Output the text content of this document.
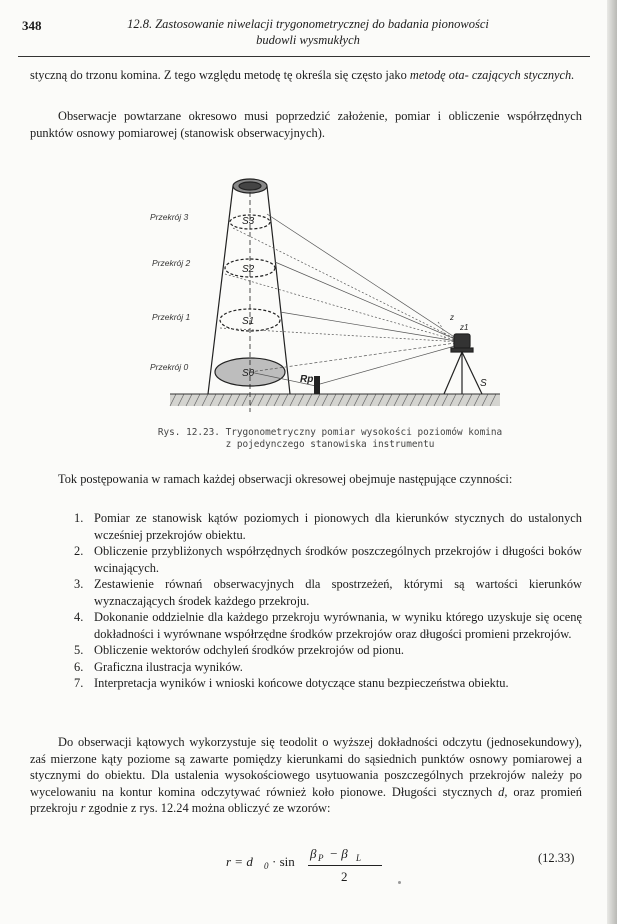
348	12.8. Zastosowanie niwelacji trygonometrycznej do badania pionowości
budowli wysmukłych

styczną do trzonu komina. Z tego względu metodę tę określa się często jako metodę ota- czających stycznych.

Obserwacje powtarzane okresowo musi poprzedzić założenie, pomiar i obliczenie współrzędnych punktów osnowy pomiarowej (stanowisk obserwacyjnych).

Przekrój 3
Przekrój 2
Przekrój 1
Przekrój 0
S3
S2
S1
S0
Rp	S
z
z1
Rys. 12.23. Trygonometryczny pomiar wysokości poziomów komina
z pojedynczego stanowiska instrumentu

Tok postępowania w ramach każdej obserwacji okresowej obejmuje następujące czynności:

1. Pomiar ze stanowisk kątów poziomych i pionowych dla kierunków stycznych do ustalonych wcześniej przekrojów obiektu.
2. Obliczenie przybliżonych współrzędnych środków poszczególnych przekrojów i długości boków wcinających.
3. Zestawienie równań obserwacyjnych dla spostrzeżeń, którymi są wartości kierunków wyznaczających środek każdego przekroju.
4. Dokonanie oddzielnie dla każdego przekroju wyrównania, w wyniku którego uzyskuje się ocenę dokładności i wyrównane współrzędne środków przekrojów oraz długości promieni przekrojów.
5. Obliczenie wektorów odchyleń środków przekrojów od pionu.
6. Graficzna ilustracja wyników.
7. Interpretacja wyników i wnioski końcowe dotyczące stanu bezpieczeństwa obiektu.

Do obserwacji kątowych wykorzystuje się teodolit o wyższej dokładności odczytu (jednosekundowy), zaś mierzone kąty poziome są zawarte pomiędzy kierunkami do sąsiednich punktów osnowy pomiarowej a stycznymi do obiektu. Dla ustalenia wysokościowego usytuowania poszczególnych przekrojów należy po wycelowaniu na kontur komina odczytywać również koło pionowe. Długości stycznych d, oraz promień przekroju r zgodnie z rys. 12.24 można obliczyć ze wzorów:

r = d 0 · sin
β P − β L
2
(12.33)
